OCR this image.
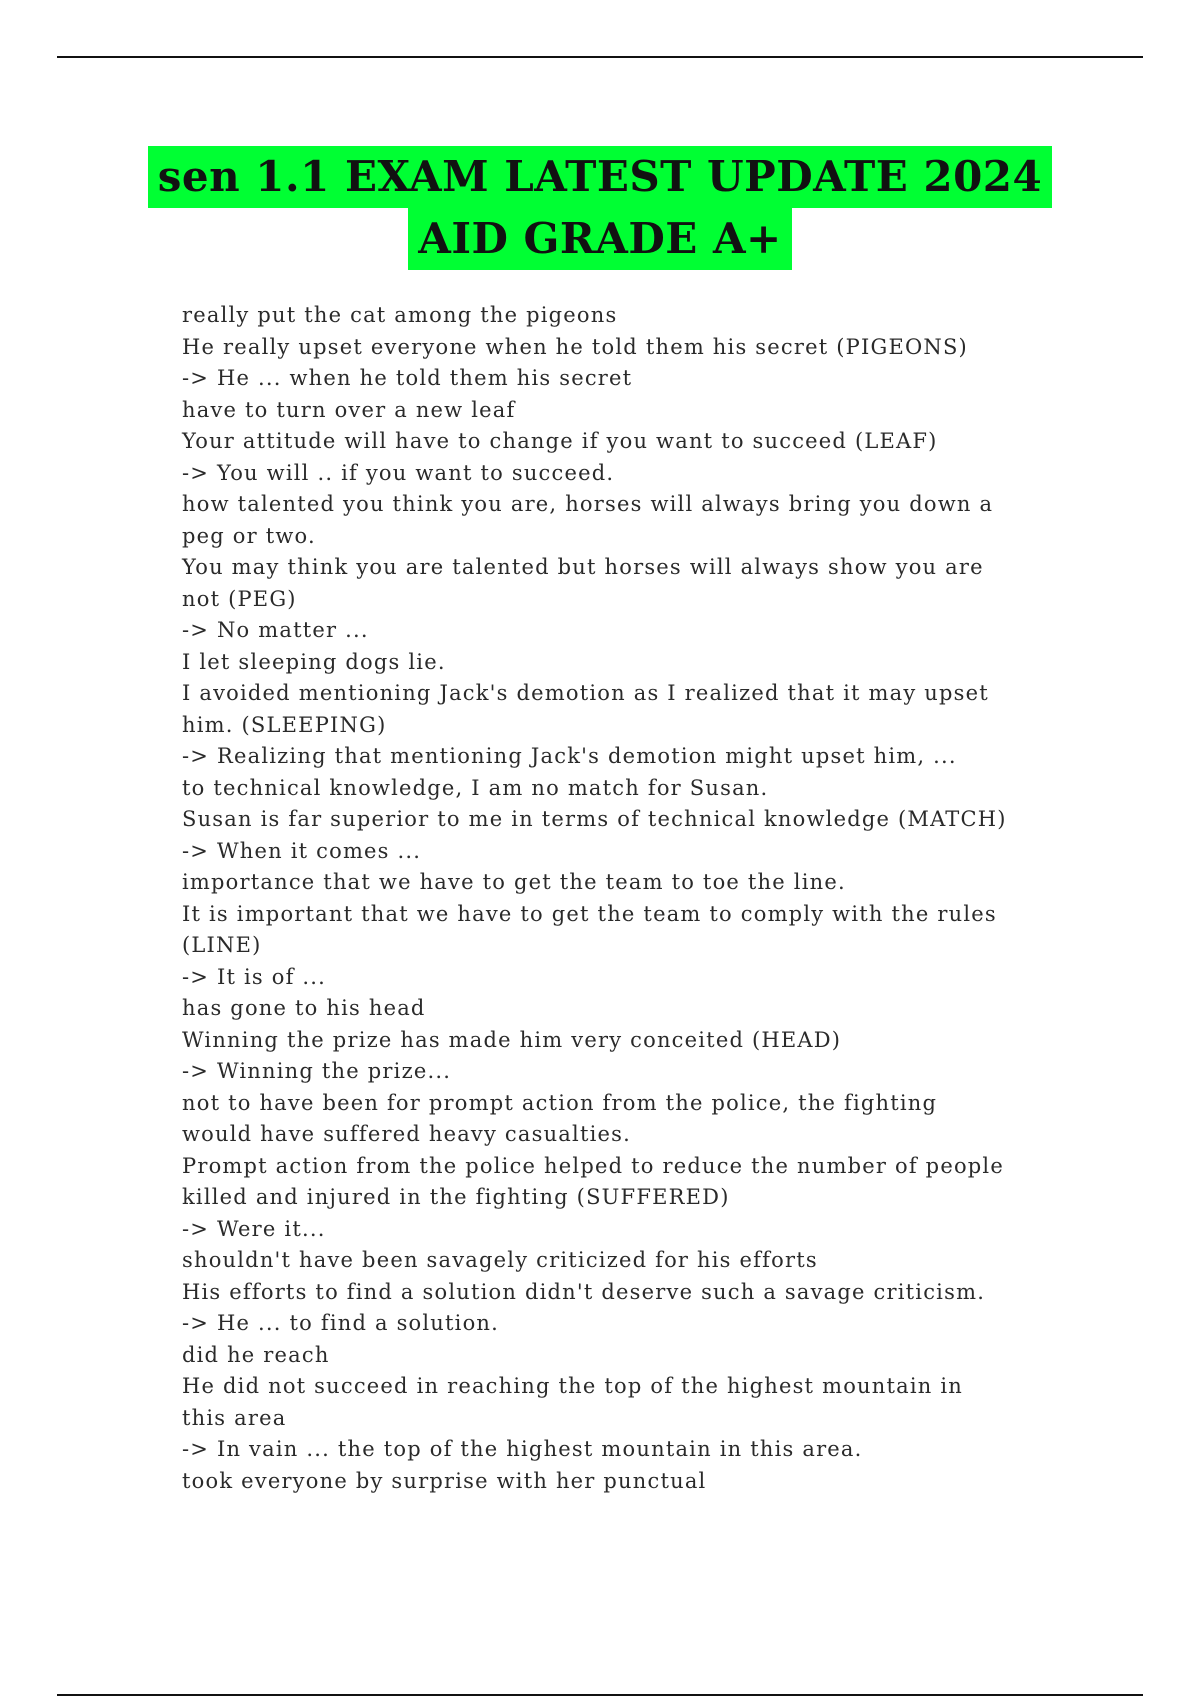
sen 1.1 EXAM LATEST UPDATE 2024
AID GRADE A+
really put the cat among the pigeons
He really upset everyone when he told them his secret (PIGEONS)
-> He ... when he told them his secret
have to turn over a new leaf
Your attitude will have to change if you want to succeed (LEAF)
-> You will .. if you want to succeed.
how talented you think you are, horses will always bring you down a
peg or two.
You may think you are talented but horses will always show you are
not (PEG)
-> No matter ...
I let sleeping dogs lie.
I avoided mentioning Jack's demotion as I realized that it may upset
him. (SLEEPING)
-> Realizing that mentioning Jack's demotion might upset him, ...
to technical knowledge, I am no match for Susan.
Susan is far superior to me in terms of technical knowledge (MATCH)
-> When it comes ...
importance that we have to get the team to toe the line.
It is important that we have to get the team to comply with the rules
(LINE)
-> It is of ...
has gone to his head
Winning the prize has made him very conceited (HEAD)
-> Winning the prize...
not to have been for prompt action from the police, the fighting
would have suffered heavy casualties.
Prompt action from the police helped to reduce the number of people
killed and injured in the fighting (SUFFERED)
-> Were it...
shouldn't have been savagely criticized for his efforts
His efforts to find a solution didn't deserve such a savage criticism.
-> He ... to find a solution.
did he reach
He did not succeed in reaching the top of the highest mountain in
this area
-> In vain ... the top of the highest mountain in this area.
took everyone by surprise with her punctual
